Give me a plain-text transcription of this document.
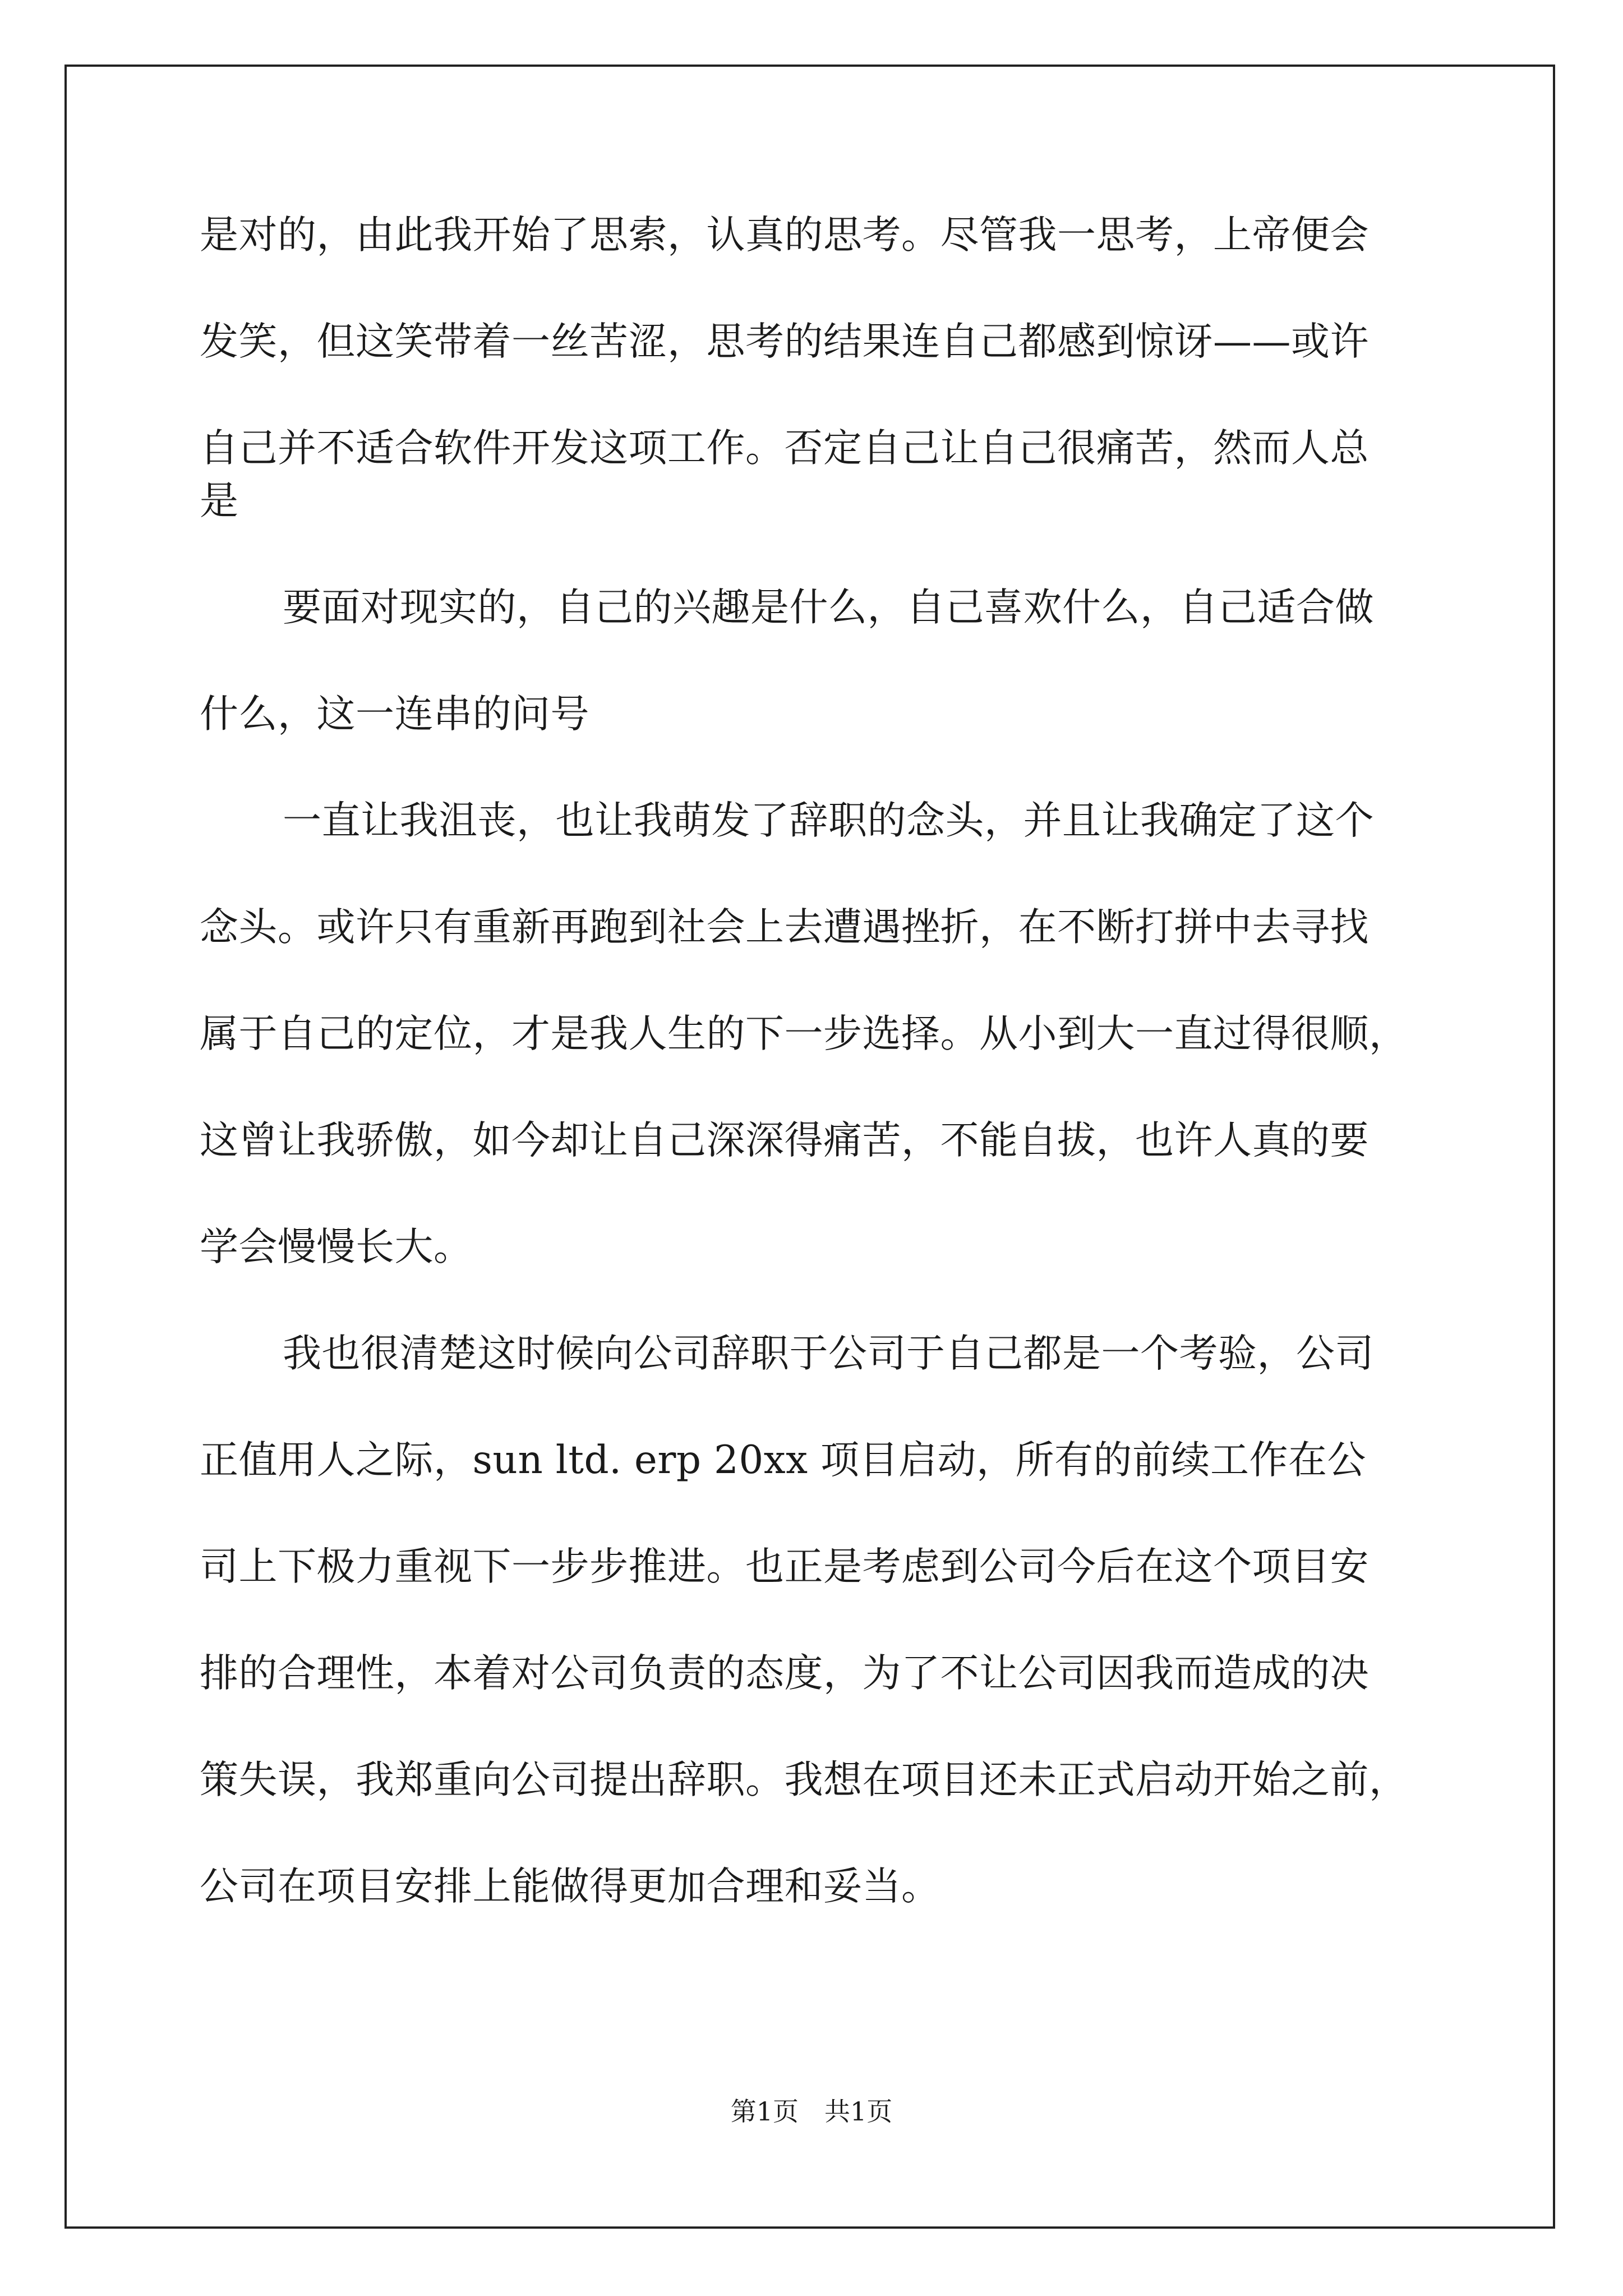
是对的，由此我开始了思索，认真的思考。尽管我一思考，上帝便会
发笑，但这笑带着一丝苦涩，思考的结果连自己都感到惊讶——或许
自己并不适合软件开发这项工作。否定自己让自己很痛苦，然而人总
是
要面对现实的，自己的兴趣是什么，自己喜欢什么，自己适合做
什么，这一连串的问号
一直让我沮丧，也让我萌发了辞职的念头，并且让我确定了这个
念头。或许只有重新再跑到社会上去遭遇挫折，在不断打拼中去寻找
属于自己的定位，才是我人生的下一步选择。从小到大一直过得很顺，
这曾让我骄傲，如今却让自己深深得痛苦，不能自拔，也许人真的要
学会慢慢长大。
我也很清楚这时候向公司辞职于公司于自己都是一个考验，公司
正值用人之际，sun ltd. erp 20xx 项目启动，所有的前续工作在公
司上下极力重视下一步步推进。也正是考虑到公司今后在这个项目安
排的合理性，本着对公司负责的态度，为了不让公司因我而造成的决
策失误，我郑重向公司提出辞职。我想在项目还未正式启动开始之前，
公司在项目安排上能做得更加合理和妥当。
第1页　共1页
